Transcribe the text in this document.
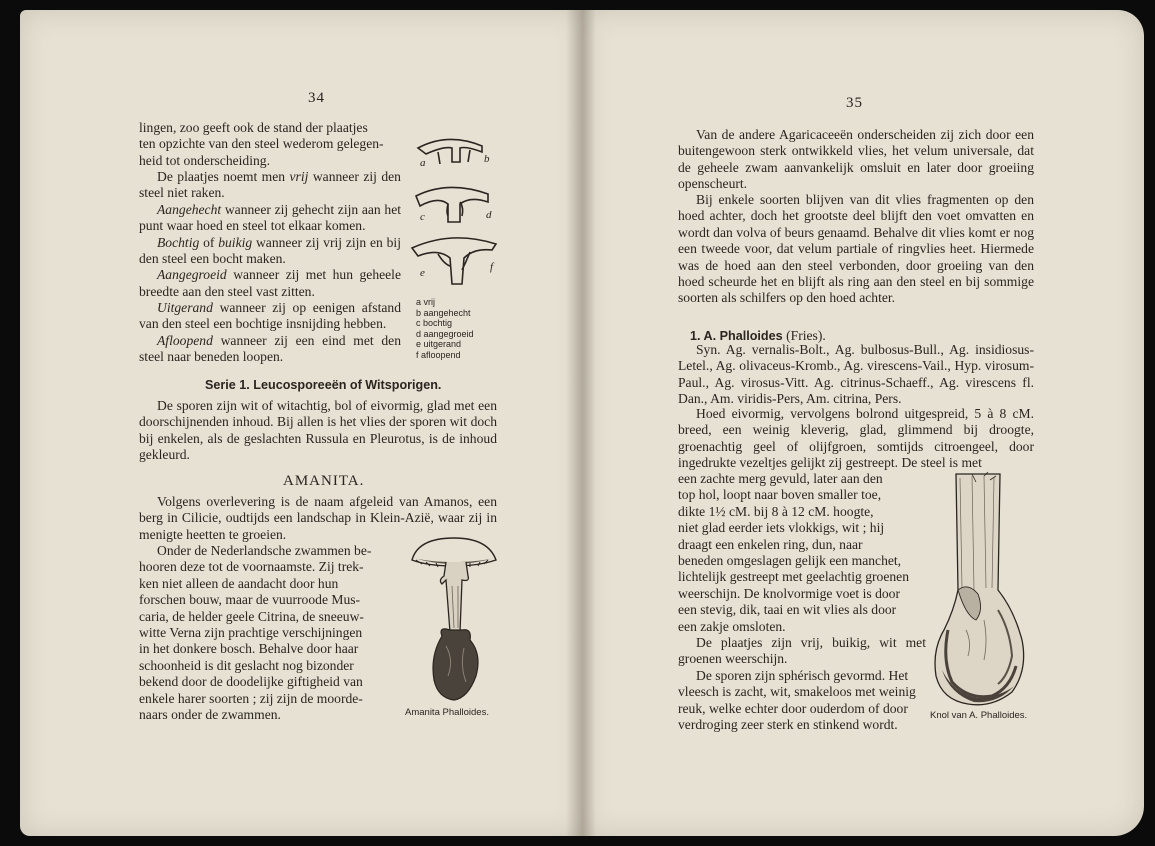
34

lingen, zoo geeft ook de stand der plaatjes

ten opzichte van den steel wederom gelegen-

heid tot onderscheiding.

De plaatjes noemt men vrij wanneer zij den steel niet raken.

Aangehecht wanneer zij gehecht zijn aan het punt waar hoed en steel tot elkaar komen.

Bochtig of buikig wanneer zij vrij zijn en bij den steel een bocht maken.

Aangegroeid wanneer zij met hun geheele breedte aan den steel vast zitten.

Uitgerand wanneer zij op eenigen afstand van den steel een bochtige insnijding hebben.

Afloopend wanneer zij een eind met den steel naar beneden loopen.

a	b
c	d
e	f
a vrij
b aangehecht
c bochtig
d aangegroeid
e uitgerand
f afloopend
Serie 1. Leucosporeeën of Witsporigen.

De sporen zijn wit of witachtig, bol of eivormig, glad met een doorschijnenden inhoud. Bij allen is het vlies der sporen wit doch bij enkelen, als de geslachten Russula en Pleurotus, is de inhoud gekleurd.

AMANITA.

Volgens overlevering is de naam afgeleid van Amanos, een berg in Cilicie, oudtijds een landschap in Klein-Azië, waar zij in menigte heetten te groeien.

Onder de Nederlandsche zwammen be-

hooren deze tot de voornaamste. Zij trek-

ken niet alleen de aandacht door hun

forschen bouw, maar de vuurroode Mus-

caria, de helder geele Citrina, de sneeuw-

witte Verna zijn prachtige verschijningen

in het donkere bosch. Behalve door haar

schoonheid is dit geslacht nog bizonder

bekend door de doodelijke giftigheid van

enkele harer soorten ; zij zijn de moorde-

naars onder de zwammen.	Amanita Phalloides.
35

Van de andere Agaricaceeën onderscheiden zij zich door een buitengewoon sterk ontwikkeld vlies, het velum universale, dat de geheele zwam aanvankelijk omsluit en later door groeiing openscheurt.

Bij enkele soorten blijven van dit vlies fragmenten op den hoed achter, doch het grootste deel blijft den voet omvatten en wordt dan volva of beurs genaamd. Behalve dit vlies komt er nog een tweede voor, dat velum partiale of ringvlies heet. Hiermede was de hoed aan den steel verbonden, door groeiing van den hoed scheurde het en blijft als ring aan den steel en bij sommige soorten als schilfers op den hoed achter.

1. A. Phalloides (Fries).

Syn. Ag. vernalis-Bolt., Ag. bulbosus-Bull., Ag. insidiosus-Letel., Ag. olivaceus-Kromb., Ag. virescens-Vail., Hyp. virosum-Paul., Ag. virosus-Vitt. Ag. citrinus-Schaeff., Ag. virescens fl. Dan., Am. viridis-Pers, Am. citrina, Pers.

Hoed eivormig, vervolgens bolrond uitgespreid, 5 à 8 cM. breed, een weinig kleverig, glad, glimmend bij droogte, groenachtig geel of olijfgroen, somtijds citroengeel, door ingedrukte vezeltjes gelijkt zij gestreept. De steel is met

een zachte merg gevuld, later aan den

top hol, loopt naar boven smaller toe,

dikte 1½ cM. bij 8 à 12 cM. hoogte,

niet glad eerder iets vlokkigs, wit ; hij

draagt een enkelen ring, dun, naar

beneden omgeslagen gelijk een manchet,

lichtelijk gestreept met geelachtig groenen

weerschijn. De knolvormige voet is door

een stevig, dik, taai en wit vlies als door

een zakje omsloten.

De plaatjes zijn vrij, buikig, wit met groenen weerschijn.

De sporen zijn sphérisch gevormd. Het

vleesch is zacht, wit, smakeloos met weinig

reuk, welke echter door ouderdom of door

verdroging zeer sterk en stinkend wordt.

Knol van A. Phalloides.
